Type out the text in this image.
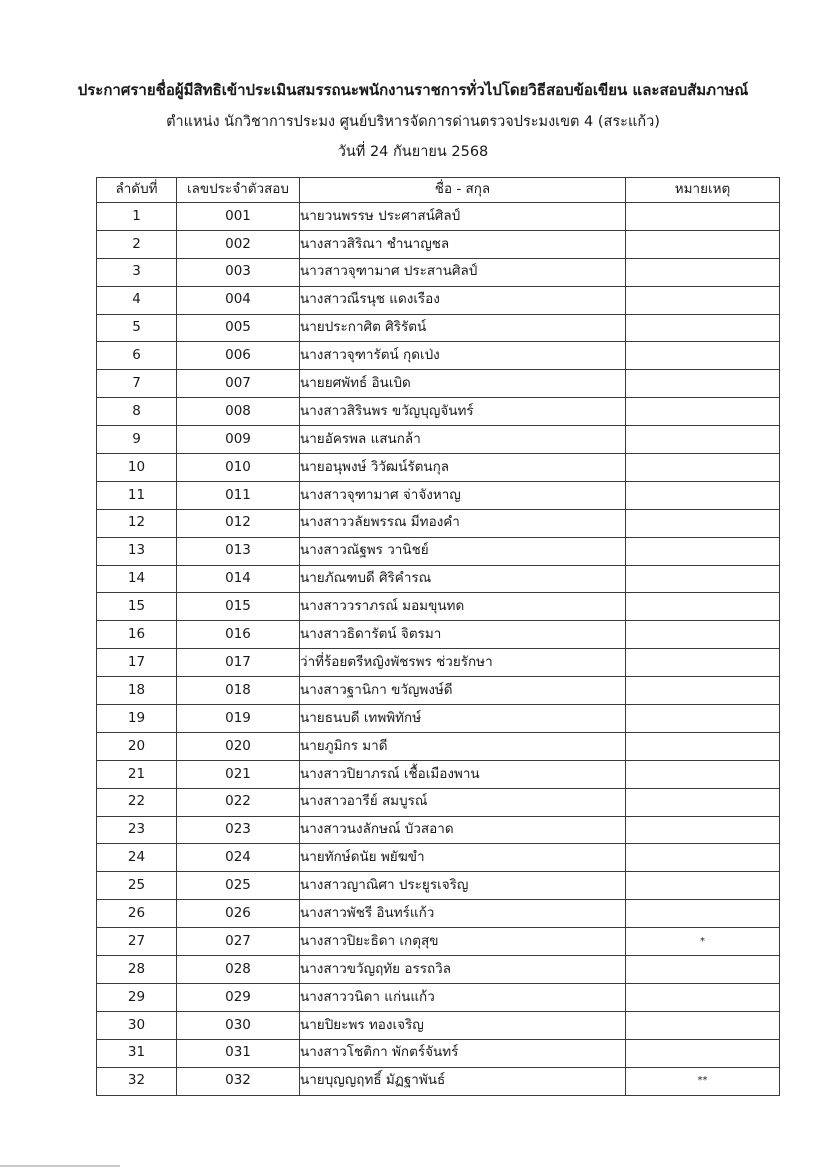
ประกาศรายชื่อผู้มีสิทธิเข้าประเมินสมรรถนะพนักงานราชการทั่วไปโดยวิธีสอบข้อเขียน และสอบสัมภาษณ์
ตำแหน่ง นักวิชาการประมง ศูนย์บริหารจัดการด่านตรวจประมงเขต 4 (สระแก้ว)
วันที่ 24 กันยายน 2568
ลำดับที่	เลขประจำตัวสอบ	ชื่อ - สกุล	หมายเหตุ
1	001	นายวนพรรษ ประศาสน์ศิลป์	
2	002	นางสาวสิริณา ชำนาญชล	
3	003	นาวสาวจุฑามาศ ประสานศิลป์	
4	004	นางสาวณีรนุช แดงเรือง	
5	005	นายประกาศิต ศิริรัตน์	
6	006	นางสาวจุฑารัตน์ กุดเป่ง	
7	007	นายยศพัทธ์ อินเบิด	
8	008	นางสาวสิรินพร ขวัญบุญจันทร์	
9	009	นายอัครพล แสนกล้า	
10	010	นายอนุพงษ์ วิวัฒน์รัตนกุล	
11	011	นางสาวจุฑามาศ จ่าจังหาญ	
12	012	นางสาววลัยพรรณ มีทองคำ	
13	013	นางสาวณัฐพร วานิชย์	
14	014	นายภัณฑบดี ศิริคำรณ	
15	015	นางสาววราภรณ์ มอมขุนทด	
16	016	นางสาวธิดารัตน์ จิตรมา	
17	017	ว่าที่ร้อยตรีหญิงพัชรพร ช่วยรักษา	
18	018	นางสาวฐานิกา ขวัญพงษ์ดี	
19	019	นายธนบดี เทพพิทักษ์	
20	020	นายภูมิกร มาดี	
21	021	นางสาวปิยาภรณ์ เชื้อเมืองพาน	
22	022	นางสาวอารีย์ สมบูรณ์	
23	023	นางสาวนงลักษณ์ บัวสอาด	
24	024	นายทักษ์ดนัย พยัฆขำ	
25	025	นางสาวญาณิศา ประยูรเจริญ	
26	026	นางสาวพัชรี อินทร์แก้ว	
27	027	นางสาวปิยะธิดา เกตุสุข	*
28	028	นางสาวขวัญฤทัย อรรถวิล	
29	029	นางสาววนิดา แก่นแก้ว	
30	030	นายปิยะพร ทองเจริญ	
31	031	นางสาวโชติกา พักตร์จันทร์	
32	032	นายบุญญฤทธิ์ มัฏฐาพันธ์	**
